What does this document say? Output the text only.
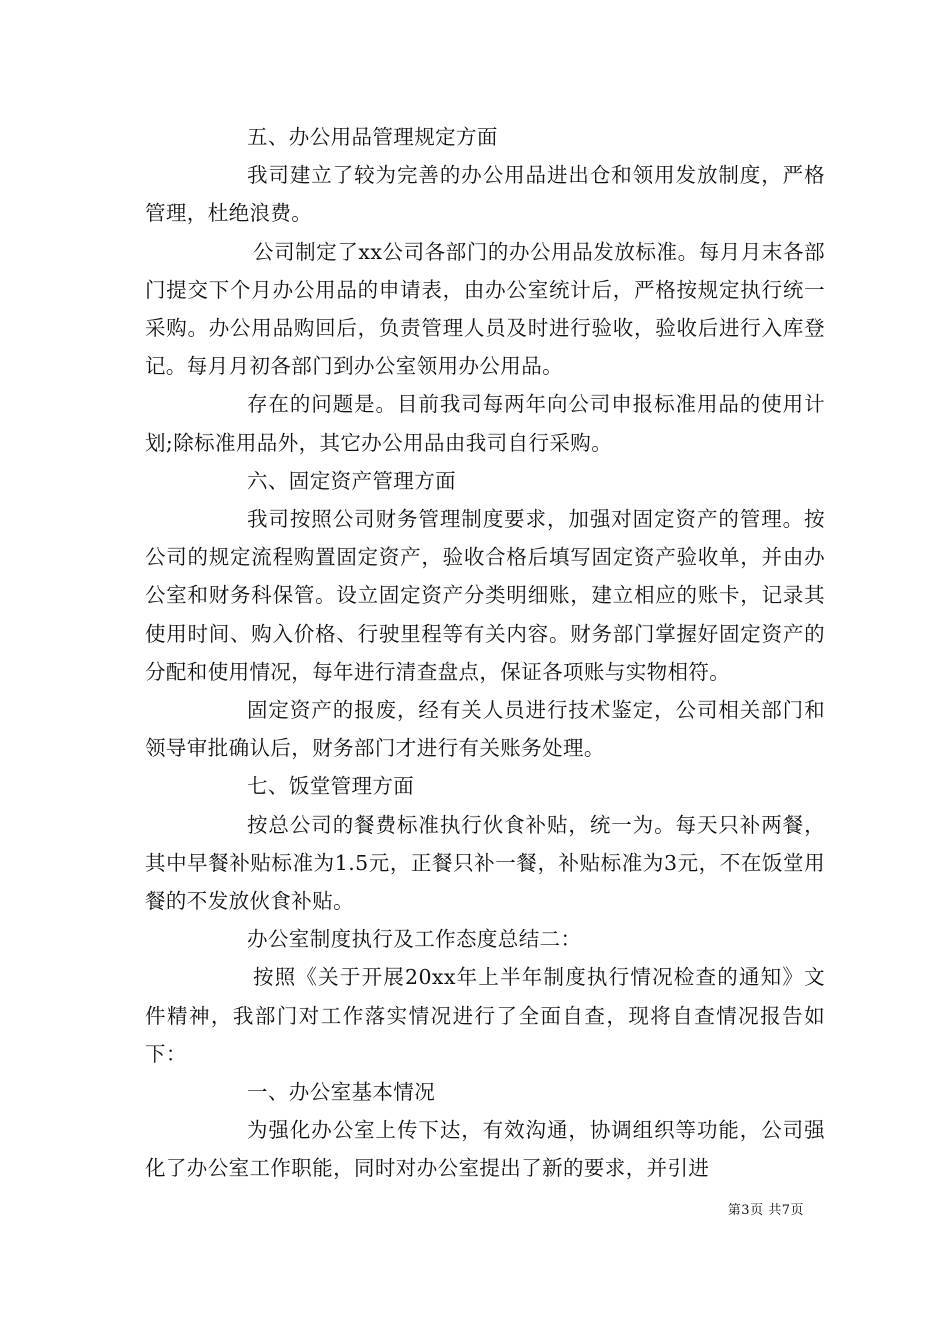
五、办公用品管理规定方面

我司建立了较为完善的办公用品进出仓和领用发放制度，严格管理，杜绝浪费。

公司制定了xx公司各部门的办公用品发放标准。每月月末各部门提交下个月办公用品的申请表，由办公室统计后，严格按规定执行统一采购。办公用品购回后，负责管理人员及时进行验收，验收后进行入库登记。每月月初各部门到办公室领用办公用品。

存在的问题是。目前我司每两年向公司申报标准用品的使用计划;除标准用品外，其它办公用品由我司自行采购。

六、固定资产管理方面

我司按照公司财务管理制度要求，加强对固定资产的管理。按公司的规定流程购置固定资产，验收合格后填写固定资产验收单，并由办公室和财务科保管。设立固定资产分类明细账，建立相应的账卡，记录其使用时间、购入价格、行驶里程等有关内容。财务部门掌握好固定资产的分配和使用情况，每年进行清查盘点，保证各项账与实物相符。

固定资产的报废，经有关人员进行技术鉴定，公司相关部门和领导审批确认后，财务部门才进行有关账务处理。

七、饭堂管理方面

按总公司的餐费标准执行伙食补贴，统一为。每天只补两餐，其中早餐补贴标准为1.5元，正餐只补一餐，补贴标准为3元，不在饭堂用餐的不发放伙食补贴。

办公室制度执行及工作态度总结二：

按照《关于开展20xx年上半年制度执行情况检查的通知》文件精神，我部门对工作落实情况进行了全面自查，现将自查情况报告如下：

一、办公室基本情况

为强化办公室上传下达，有效沟通，协调组织等功能，公司强化了办公室工作职能，同时对办公室提出了新的要求，并引进

第3页 共7页
